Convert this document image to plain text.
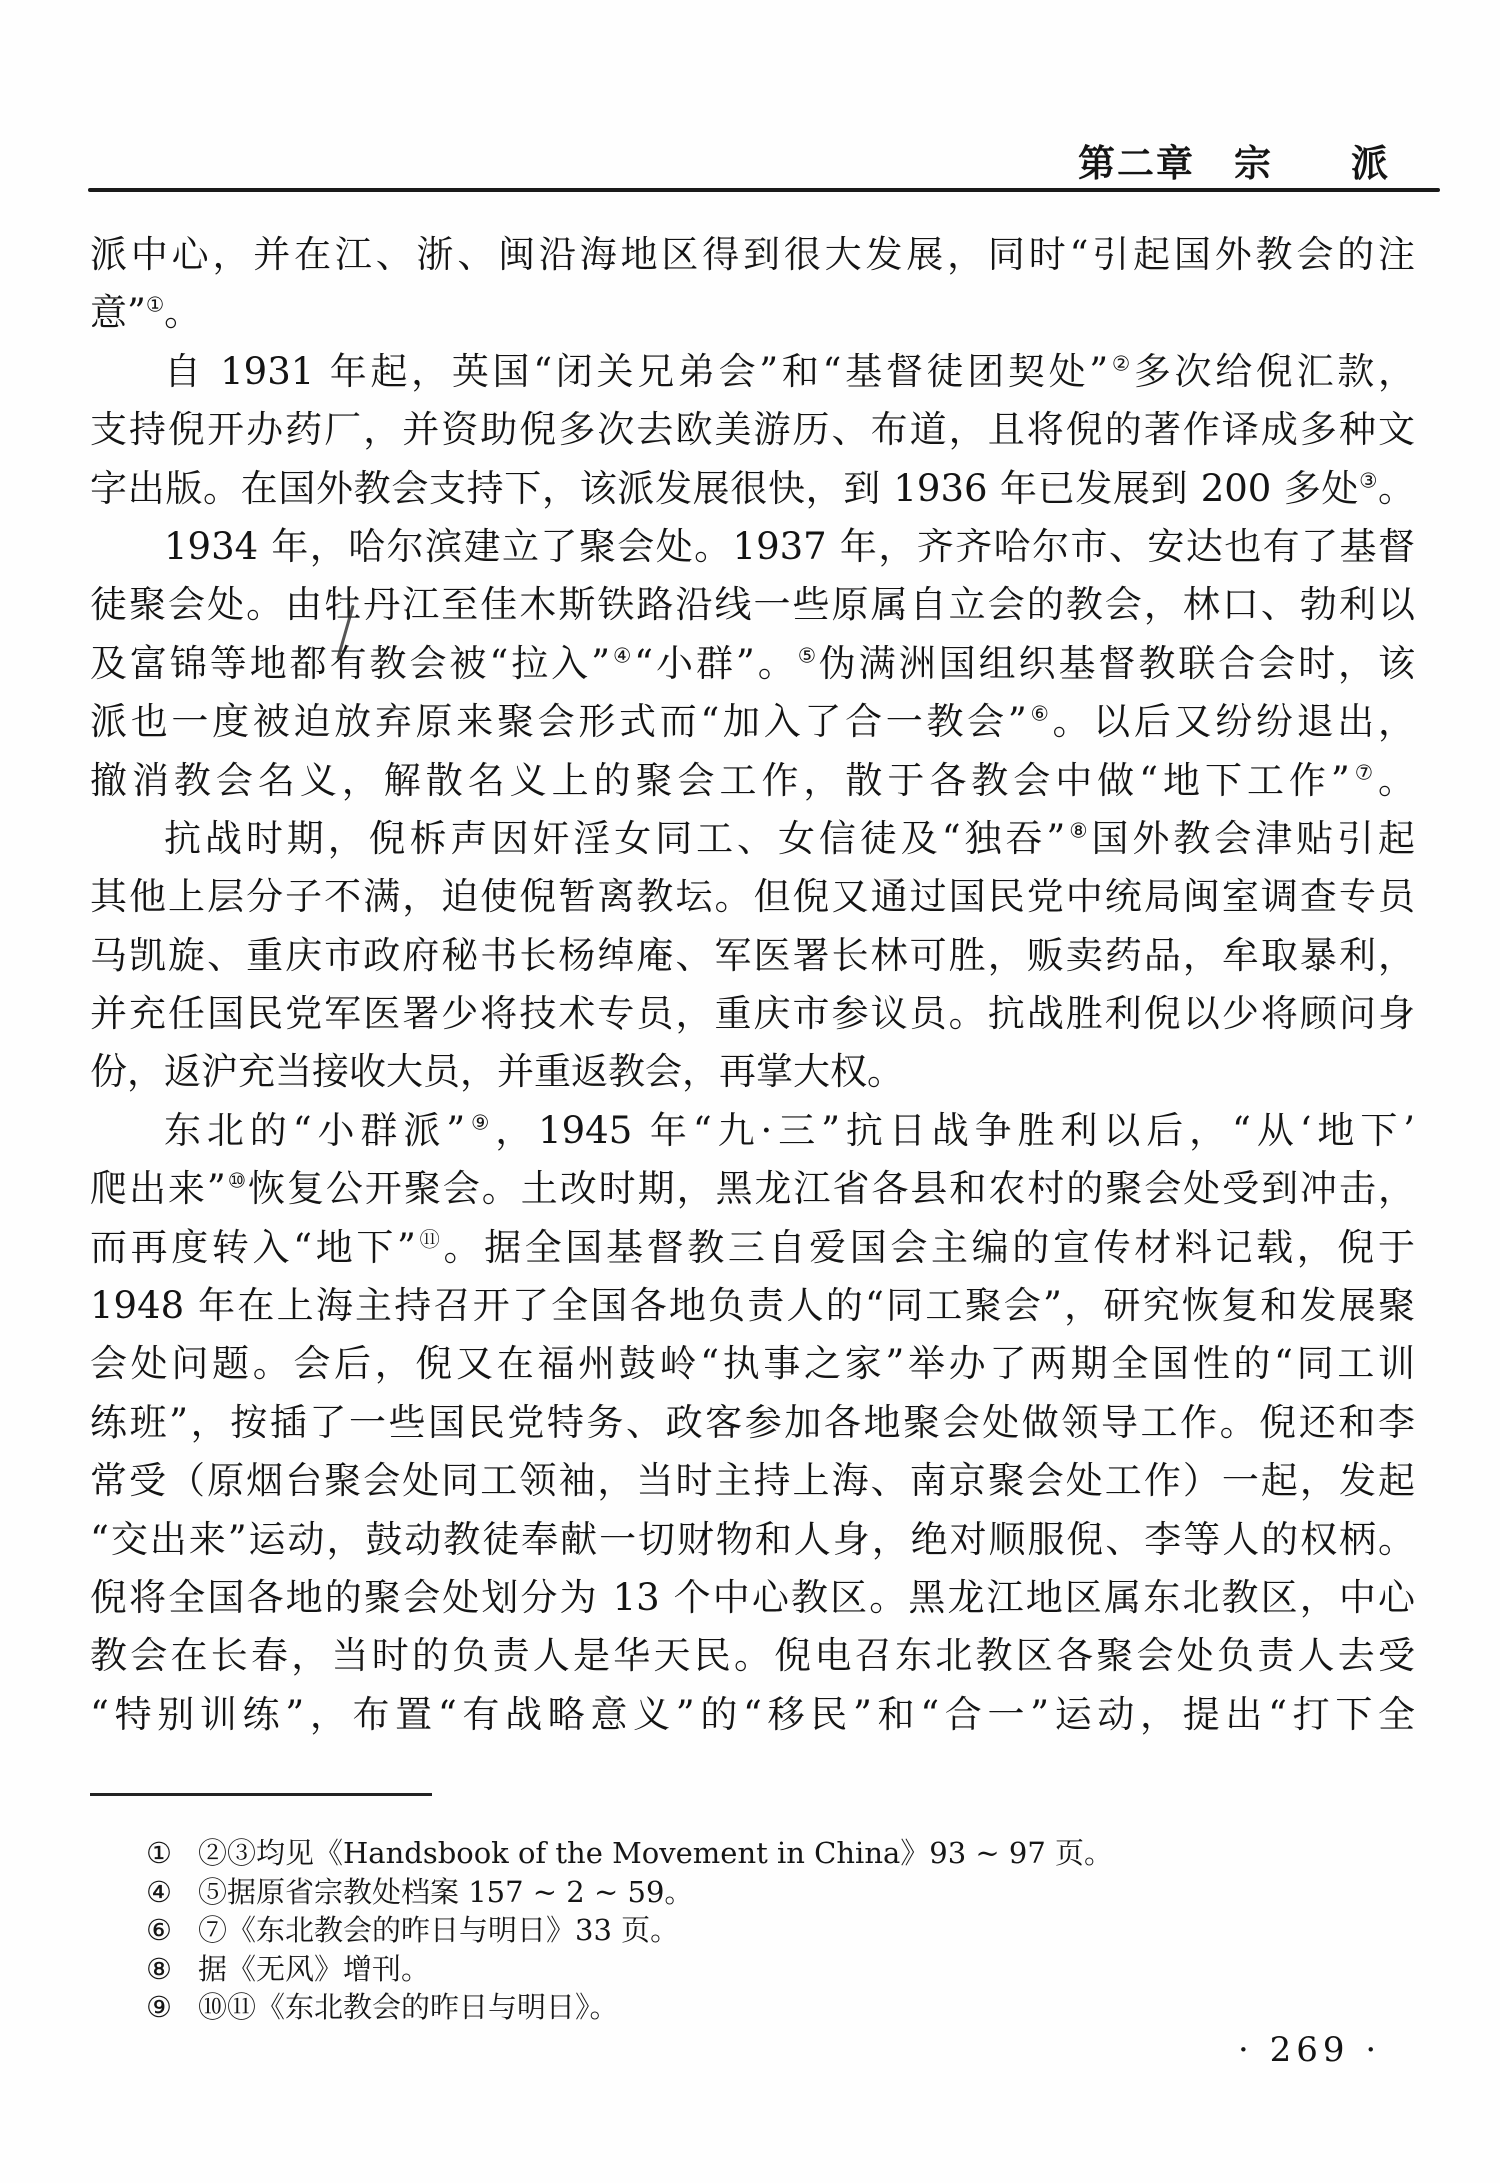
第二章　宗　　派
派中心，并在江、浙、闽沿海地区得到很大发展，同时“引起国外教会的注
意”①。
自 1931 年起，英国“闭关兄弟会”和“基督徒团契处”②多次给倪汇款，
支持倪开办药厂，并资助倪多次去欧美游历、布道，且将倪的著作译成多种文
字出版。在国外教会支持下，该派发展很快，到 1936 年已发展到 200 多处③。
1934 年，哈尔滨建立了聚会处。1937 年，齐齐哈尔市、安达也有了基督
徒聚会处。由牡丹江至佳木斯铁路沿线一些原属自立会的教会，林口、勃利以
及富锦等地都有教会被“拉入”④“小群”。⑤伪满洲国组织基督教联合会时，该
派也一度被迫放弃原来聚会形式而“加入了合一教会”⑥。以后又纷纷退出，
撤消教会名义，解散名义上的聚会工作，散于各教会中做“地下工作”⑦。
抗战时期，倪柝声因奸淫女同工、女信徒及“独吞”⑧国外教会津贴引起
其他上层分子不满，迫使倪暂离教坛。但倪又通过国民党中统局闽室调查专员
马凯旋、重庆市政府秘书长杨绰庵、军医署长林可胜，贩卖药品，牟取暴利，
并充任国民党军医署少将技术专员，重庆市参议员。抗战胜利倪以少将顾问身
份，返沪充当接收大员，并重返教会，再掌大权。
东北的“小群派”⑨，1945 年“九·三”抗日战争胜利以后，“从‘地下’
爬出来”⑩恢复公开聚会。土改时期，黑龙江省各县和农村的聚会处受到冲击，
而再度转入“地下”⑪。据全国基督教三自爱国会主编的宣传材料记载，倪于
1948 年在上海主持召开了全国各地负责人的“同工聚会”，研究恢复和发展聚
会处问题。会后，倪又在福州鼓岭“执事之家”举办了两期全国性的“同工训
练班”，按插了一些国民党特务、政客参加各地聚会处做领导工作。倪还和李
常受（原烟台聚会处同工领袖，当时主持上海、南京聚会处工作）一起，发起
“交出来”运动，鼓动教徒奉献一切财物和人身，绝对顺服倪、李等人的权柄。
倪将全国各地的聚会处划分为 13 个中心教区。黑龙江地区属东北教区，中心
教会在长春，当时的负责人是华天民。倪电召东北教区各聚会处负责人去受
“特别训练”，布置“有战略意义”的“移民”和“合一”运动，提出“打下全
① ②③均见《Handsbook of the Movement in China》93 ~ 97 页。
④ ⑤据原省宗教处档案 157 ~ 2 ~ 59。
⑥ ⑦《东北教会的昨日与明日》33 页。
⑧ 据《无风》增刊。
⑨ ⑩⑪《东北教会的昨日与明日》。
· 269 ·
